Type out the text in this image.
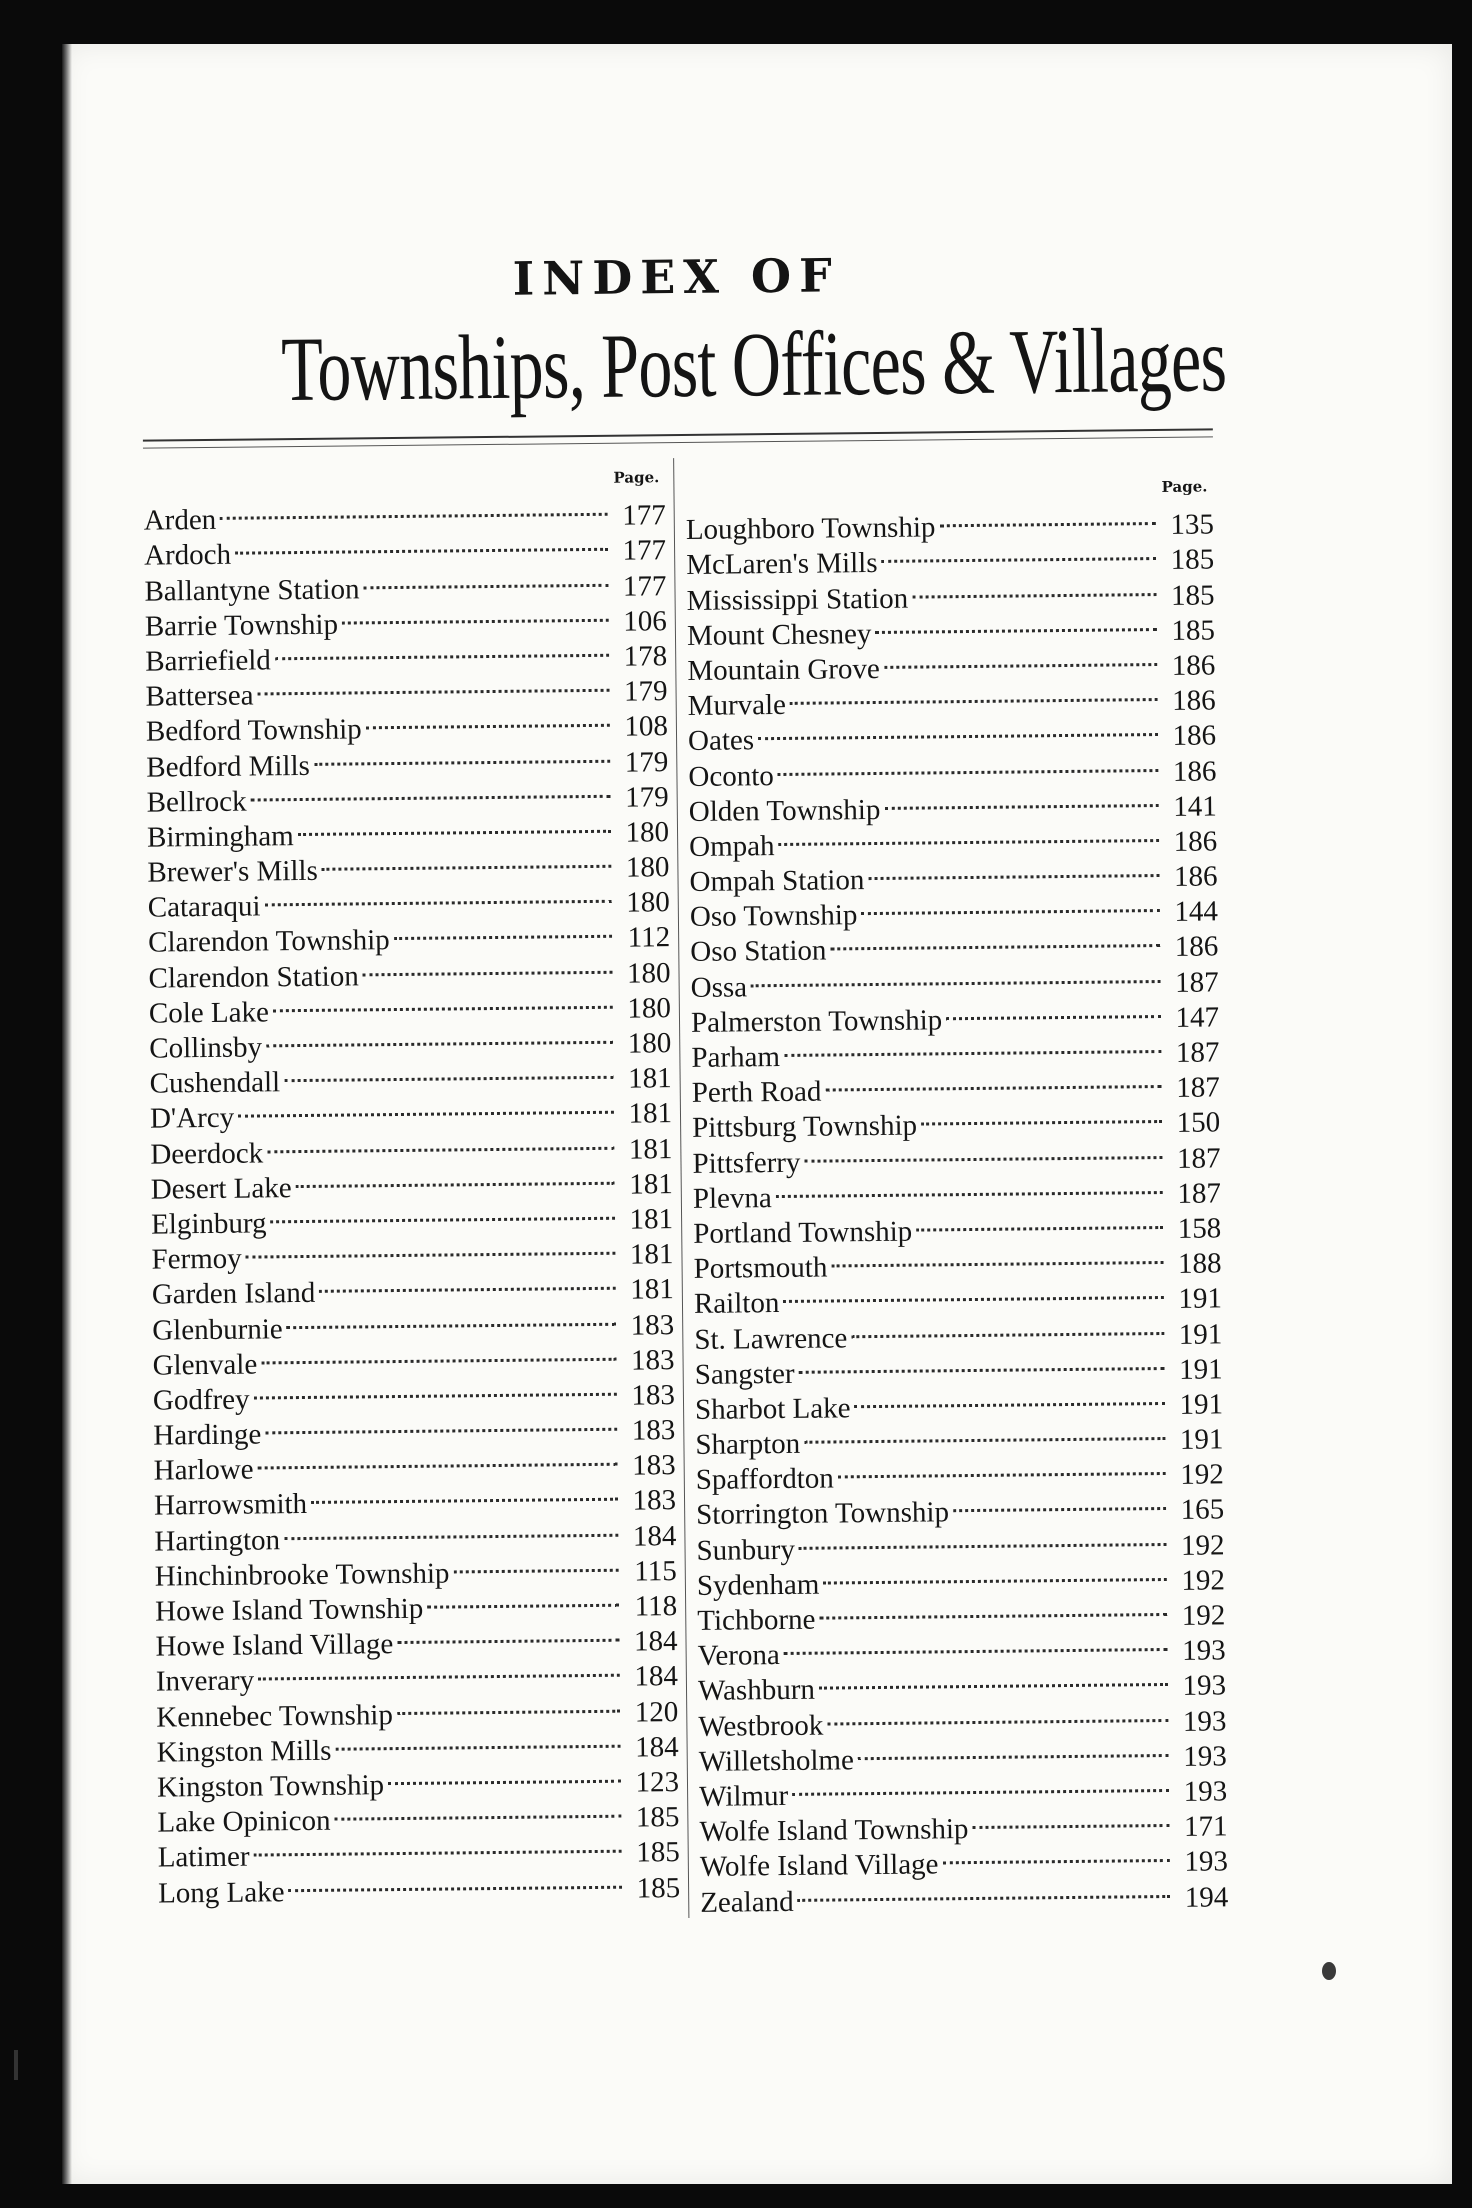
INDEX OF
Townships, Post Offices & Villages
Page.
Arden	177
Ardoch	177
Ballantyne Station	177
Barrie Township	106
Barriefield	178
Battersea	179
Bedford Township	108
Bedford Mills	179
Bellrock	179
Birmingham	180
Brewer's Mills	180
Cataraqui	180
Clarendon Township	112
Clarendon Station	180
Cole Lake	180
Collinsby	180
Cushendall	181
D'Arcy	181
Deerdock	181
Desert Lake	181
Elginburg	181
Fermoy	181
Garden Island	181
Glenburnie	183
Glenvale	183
Godfrey	183
Hardinge	183
Harlowe	183
Harrowsmith	183
Hartington	184
Hinchinbrooke Township	115
Howe Island Township	118
Howe Island Village	184
Inverary	184
Kennebec Township	120
Kingston Mills	184
Kingston Township	123
Lake Opinicon	185
Latimer	185
Long Lake	185
Page.
Loughboro Township	135
McLaren's Mills	185
Mississippi Station	185
Mount Chesney	185
Mountain Grove	186
Murvale	186
Oates	186
Oconto	186
Olden Township	141
Ompah	186
Ompah Station	186
Oso Township	144
Oso Station	186
Ossa	187
Palmerston Township	147
Parham	187
Perth Road	187
Pittsburg Township	150
Pittsferry	187
Plevna	187
Portland Township	158
Portsmouth	188
Railton	191
St. Lawrence	191
Sangster	191
Sharbot Lake	191
Sharpton	191
Spaffordton	192
Storrington Township	165
Sunbury	192
Sydenham	192
Tichborne	192
Verona	193
Washburn	193
Westbrook	193
Willetsholme	193
Wilmur	193
Wolfe Island Township	171
Wolfe Island Village	193
Zealand	194
